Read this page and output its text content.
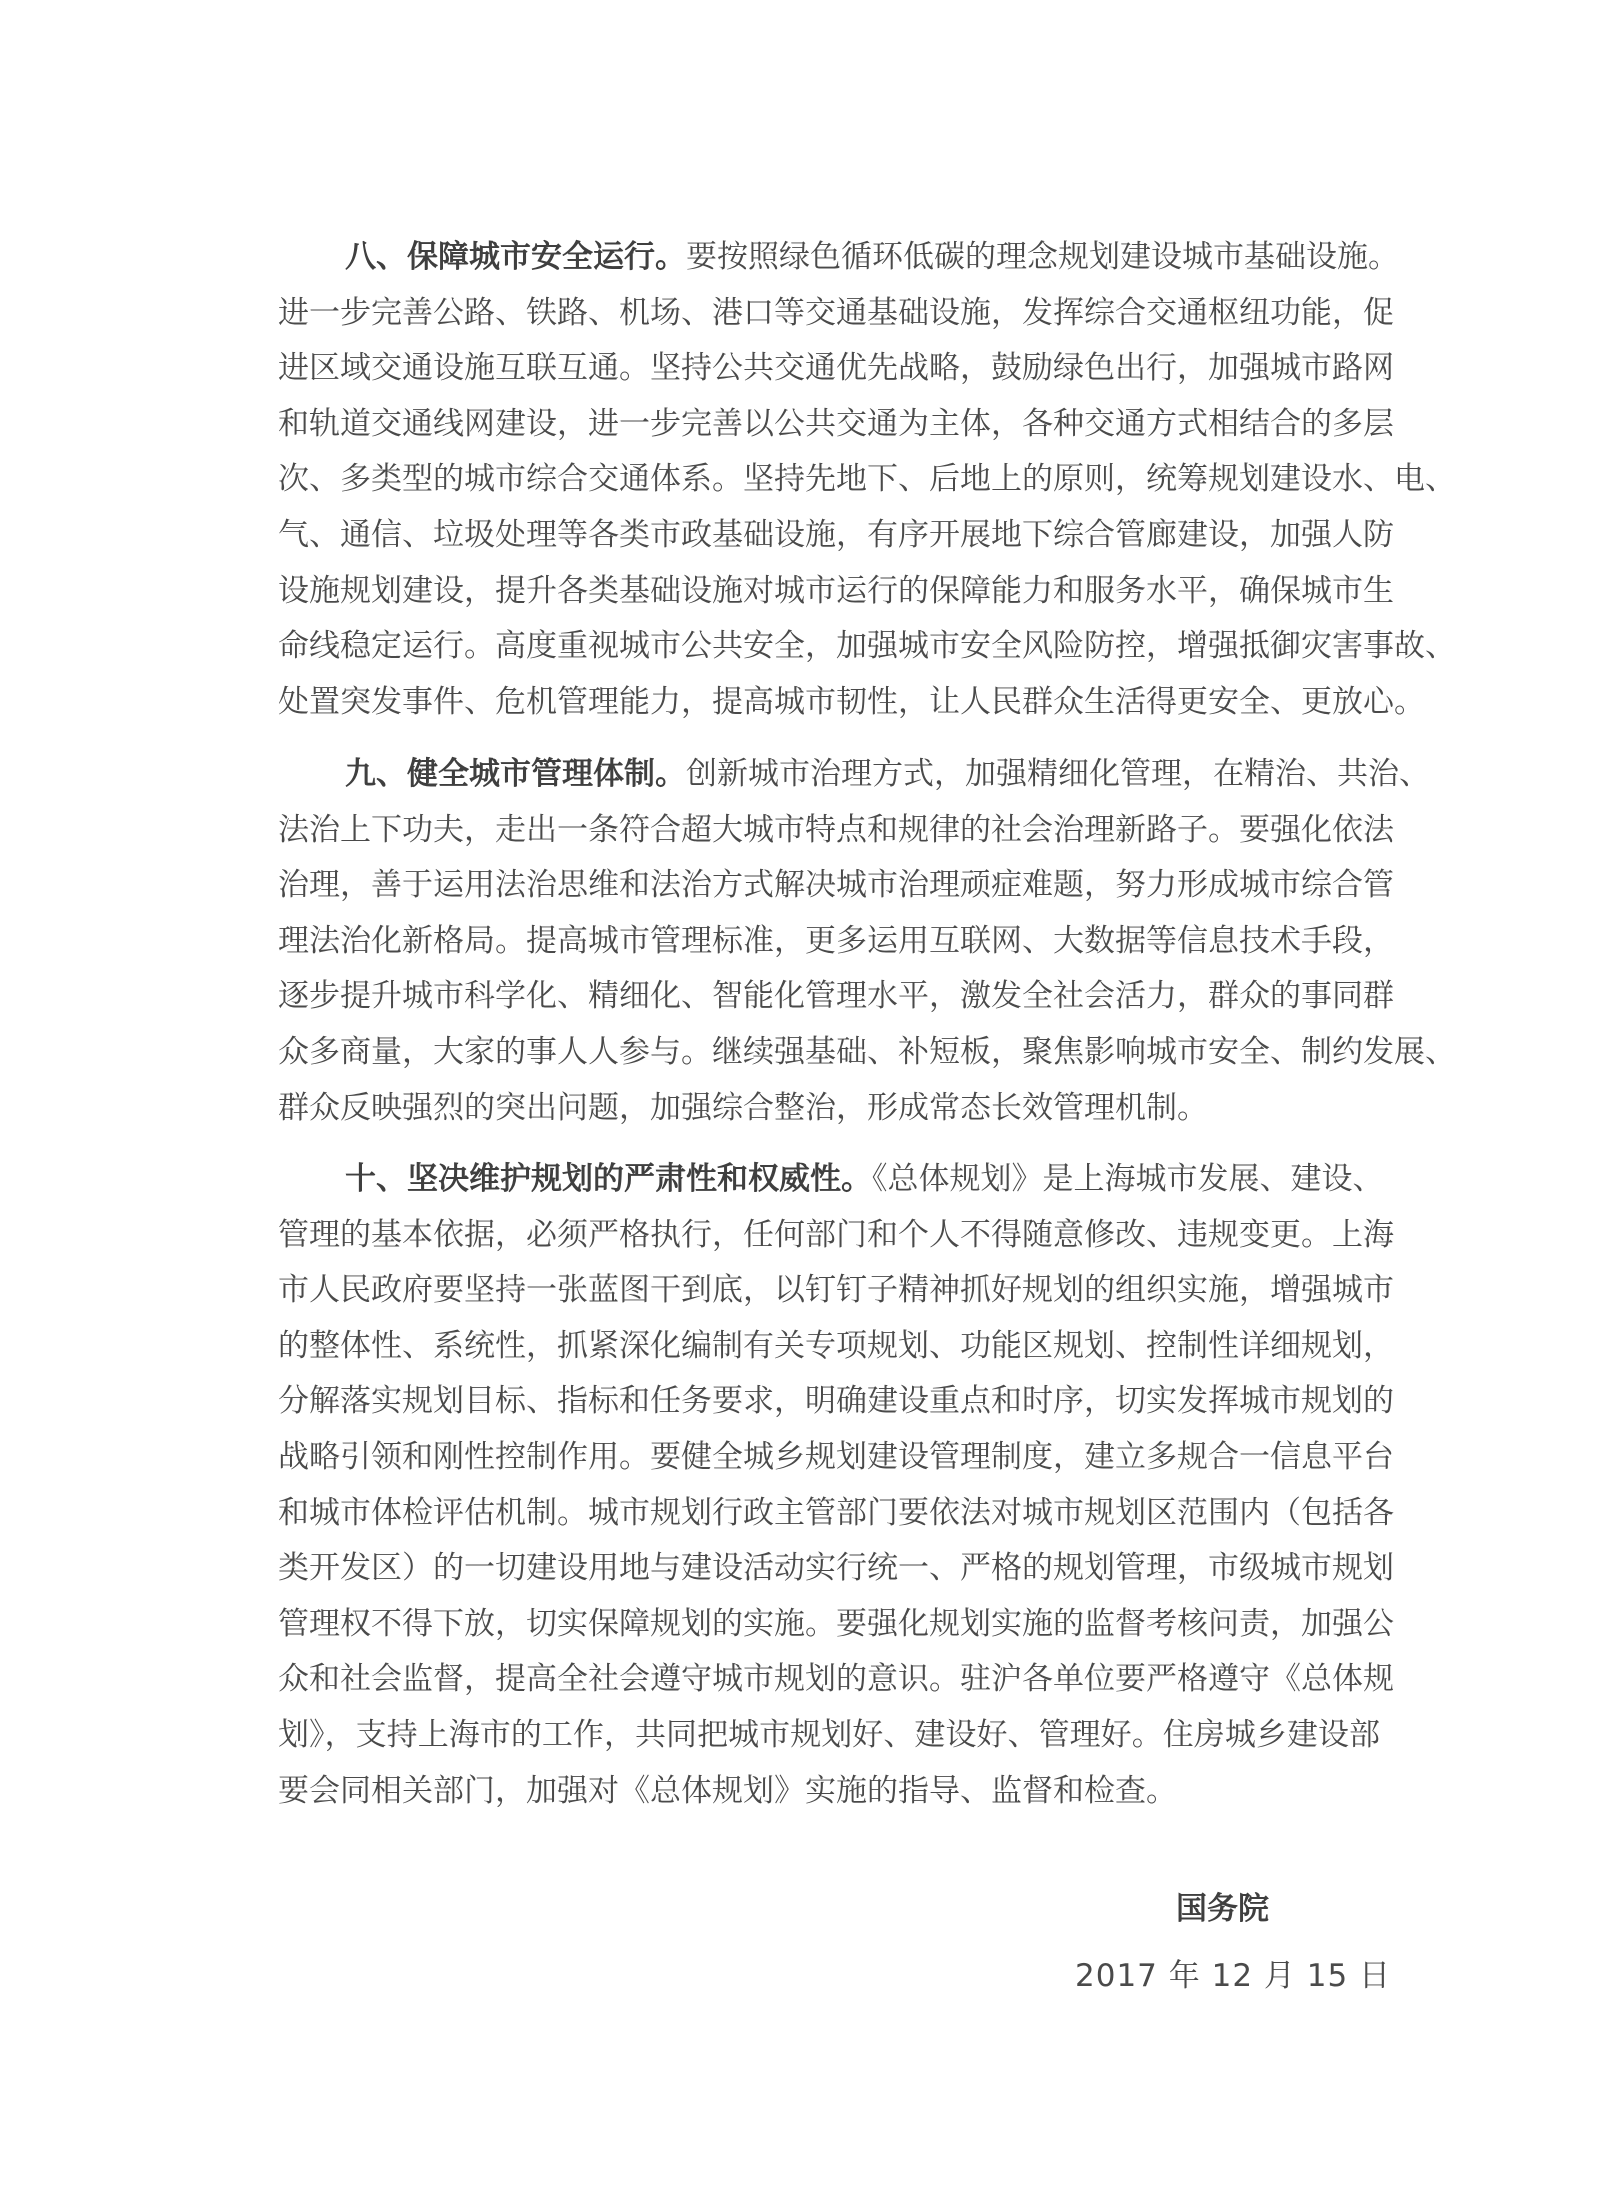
八、保障城市安全运行。要按照绿色循环低碳的理念规划建设城市基础设施。
进一步完善公路、铁路、机场、港口等交通基础设施，发挥综合交通枢纽功能，促
进区域交通设施互联互通。坚持公共交通优先战略，鼓励绿色出行，加强城市路网
和轨道交通线网建设，进一步完善以公共交通为主体，各种交通方式相结合的多层
次、多类型的城市综合交通体系。坚持先地下、后地上的原则，统筹规划建设水、电、
气、通信、垃圾处理等各类市政基础设施，有序开展地下综合管廊建设，加强人防
设施规划建设，提升各类基础设施对城市运行的保障能力和服务水平，确保城市生
命线稳定运行。高度重视城市公共安全，加强城市安全风险防控，增强抵御灾害事故、
处置突发事件、危机管理能力，提高城市韧性，让人民群众生活得更安全、更放心。
九、健全城市管理体制。创新城市治理方式，加强精细化管理，在精治、共治、
法治上下功夫，走出一条符合超大城市特点和规律的社会治理新路子。要强化依法
治理，善于运用法治思维和法治方式解决城市治理顽症难题，努力形成城市综合管
理法治化新格局。提高城市管理标准，更多运用互联网、大数据等信息技术手段，
逐步提升城市科学化、精细化、智能化管理水平，激发全社会活力，群众的事同群
众多商量，大家的事人人参与。继续强基础、补短板，聚焦影响城市安全、制约发展、
群众反映强烈的突出问题，加强综合整治，形成常态长效管理机制。
十、坚决维护规划的严肃性和权威性。《总体规划》是上海城市发展、建设、
管理的基本依据，必须严格执行，任何部门和个人不得随意修改、违规变更。上海
市人民政府要坚持一张蓝图干到底，以钉钉子精神抓好规划的组织实施，增强城市
的整体性、系统性，抓紧深化编制有关专项规划、功能区规划、控制性详细规划，
分解落实规划目标、指标和任务要求，明确建设重点和时序，切实发挥城市规划的
战略引领和刚性控制作用。要健全城乡规划建设管理制度，建立多规合一信息平台
和城市体检评估机制。城市规划行政主管部门要依法对城市规划区范围内（包括各
类开发区）的一切建设用地与建设活动实行统一、严格的规划管理，市级城市规划
管理权不得下放，切实保障规划的实施。要强化规划实施的监督考核问责，加强公
众和社会监督，提高全社会遵守城市规划的意识。驻沪各单位要严格遵守《总体规
划》，支持上海市的工作，共同把城市规划好、建设好、管理好。住房城乡建设部
要会同相关部门，加强对《总体规划》实施的指导、监督和检查。
国务院
2017 年 12 月 15 日
